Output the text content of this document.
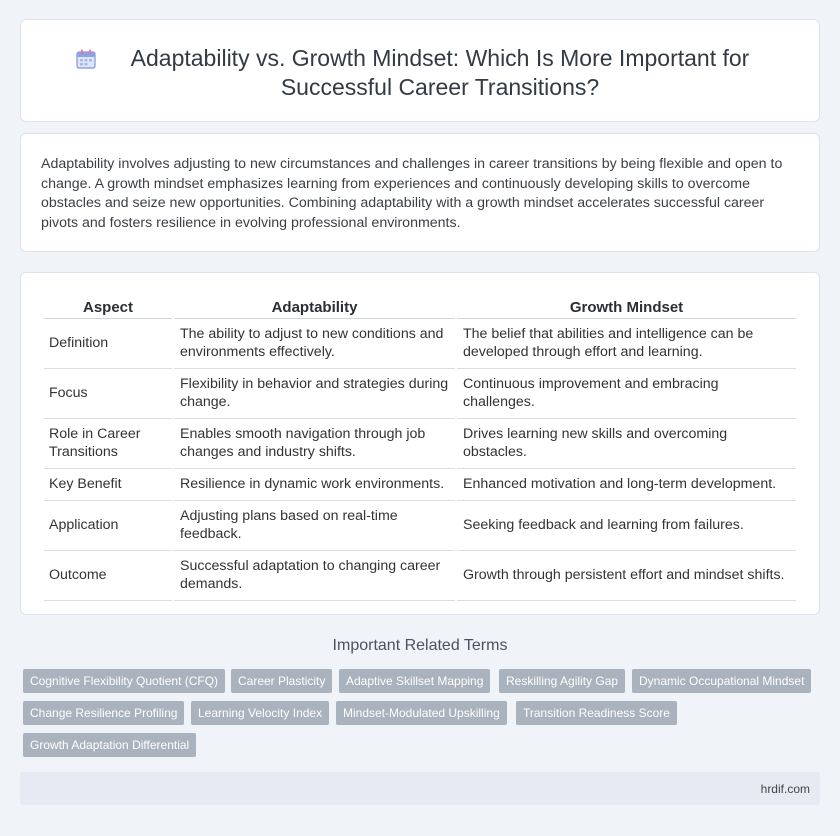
Adaptability vs. Growth Mindset: Which Is More Important for Successful Career Transitions?

Adaptability involves adjusting to new circumstances and challenges in career transitions by being flexible and open to change. A growth mindset emphasizes learning from experiences and continuously developing skills to overcome obstacles and seize new opportunities. Combining adaptability with a growth mindset accelerates successful career pivots and fosters resilience in evolving professional environments.

Aspect	Adaptability	Growth Mindset
Definition	The ability to adjust to new conditions and environments effectively.	The belief that abilities and intelligence can be developed through effort and learning.
Focus	Flexibility in behavior and strategies during change.	Continuous improvement and embracing challenges.
Role in Career Transitions	Enables smooth navigation through job changes and industry shifts.	Drives learning new skills and overcoming obstacles.
Key Benefit	Resilience in dynamic work environments.	Enhanced motivation and long-term development.
Application	Adjusting plans based on real-time feedback.	Seeking feedback and learning from failures.
Outcome	Successful adaptation to changing career demands.	Growth through persistent effort and mindset shifts.
Important Related Terms
Cognitive Flexibility Quotient (CFQ)	Career Plasticity	Adaptive Skillset Mapping	Reskilling Agility Gap	Dynamic Occupational Mindset
Change Resilience Profiling	Learning Velocity Index	Mindset-Modulated Upskilling	Transition Readiness Score
Growth Adaptation Differential
hrdif.com
